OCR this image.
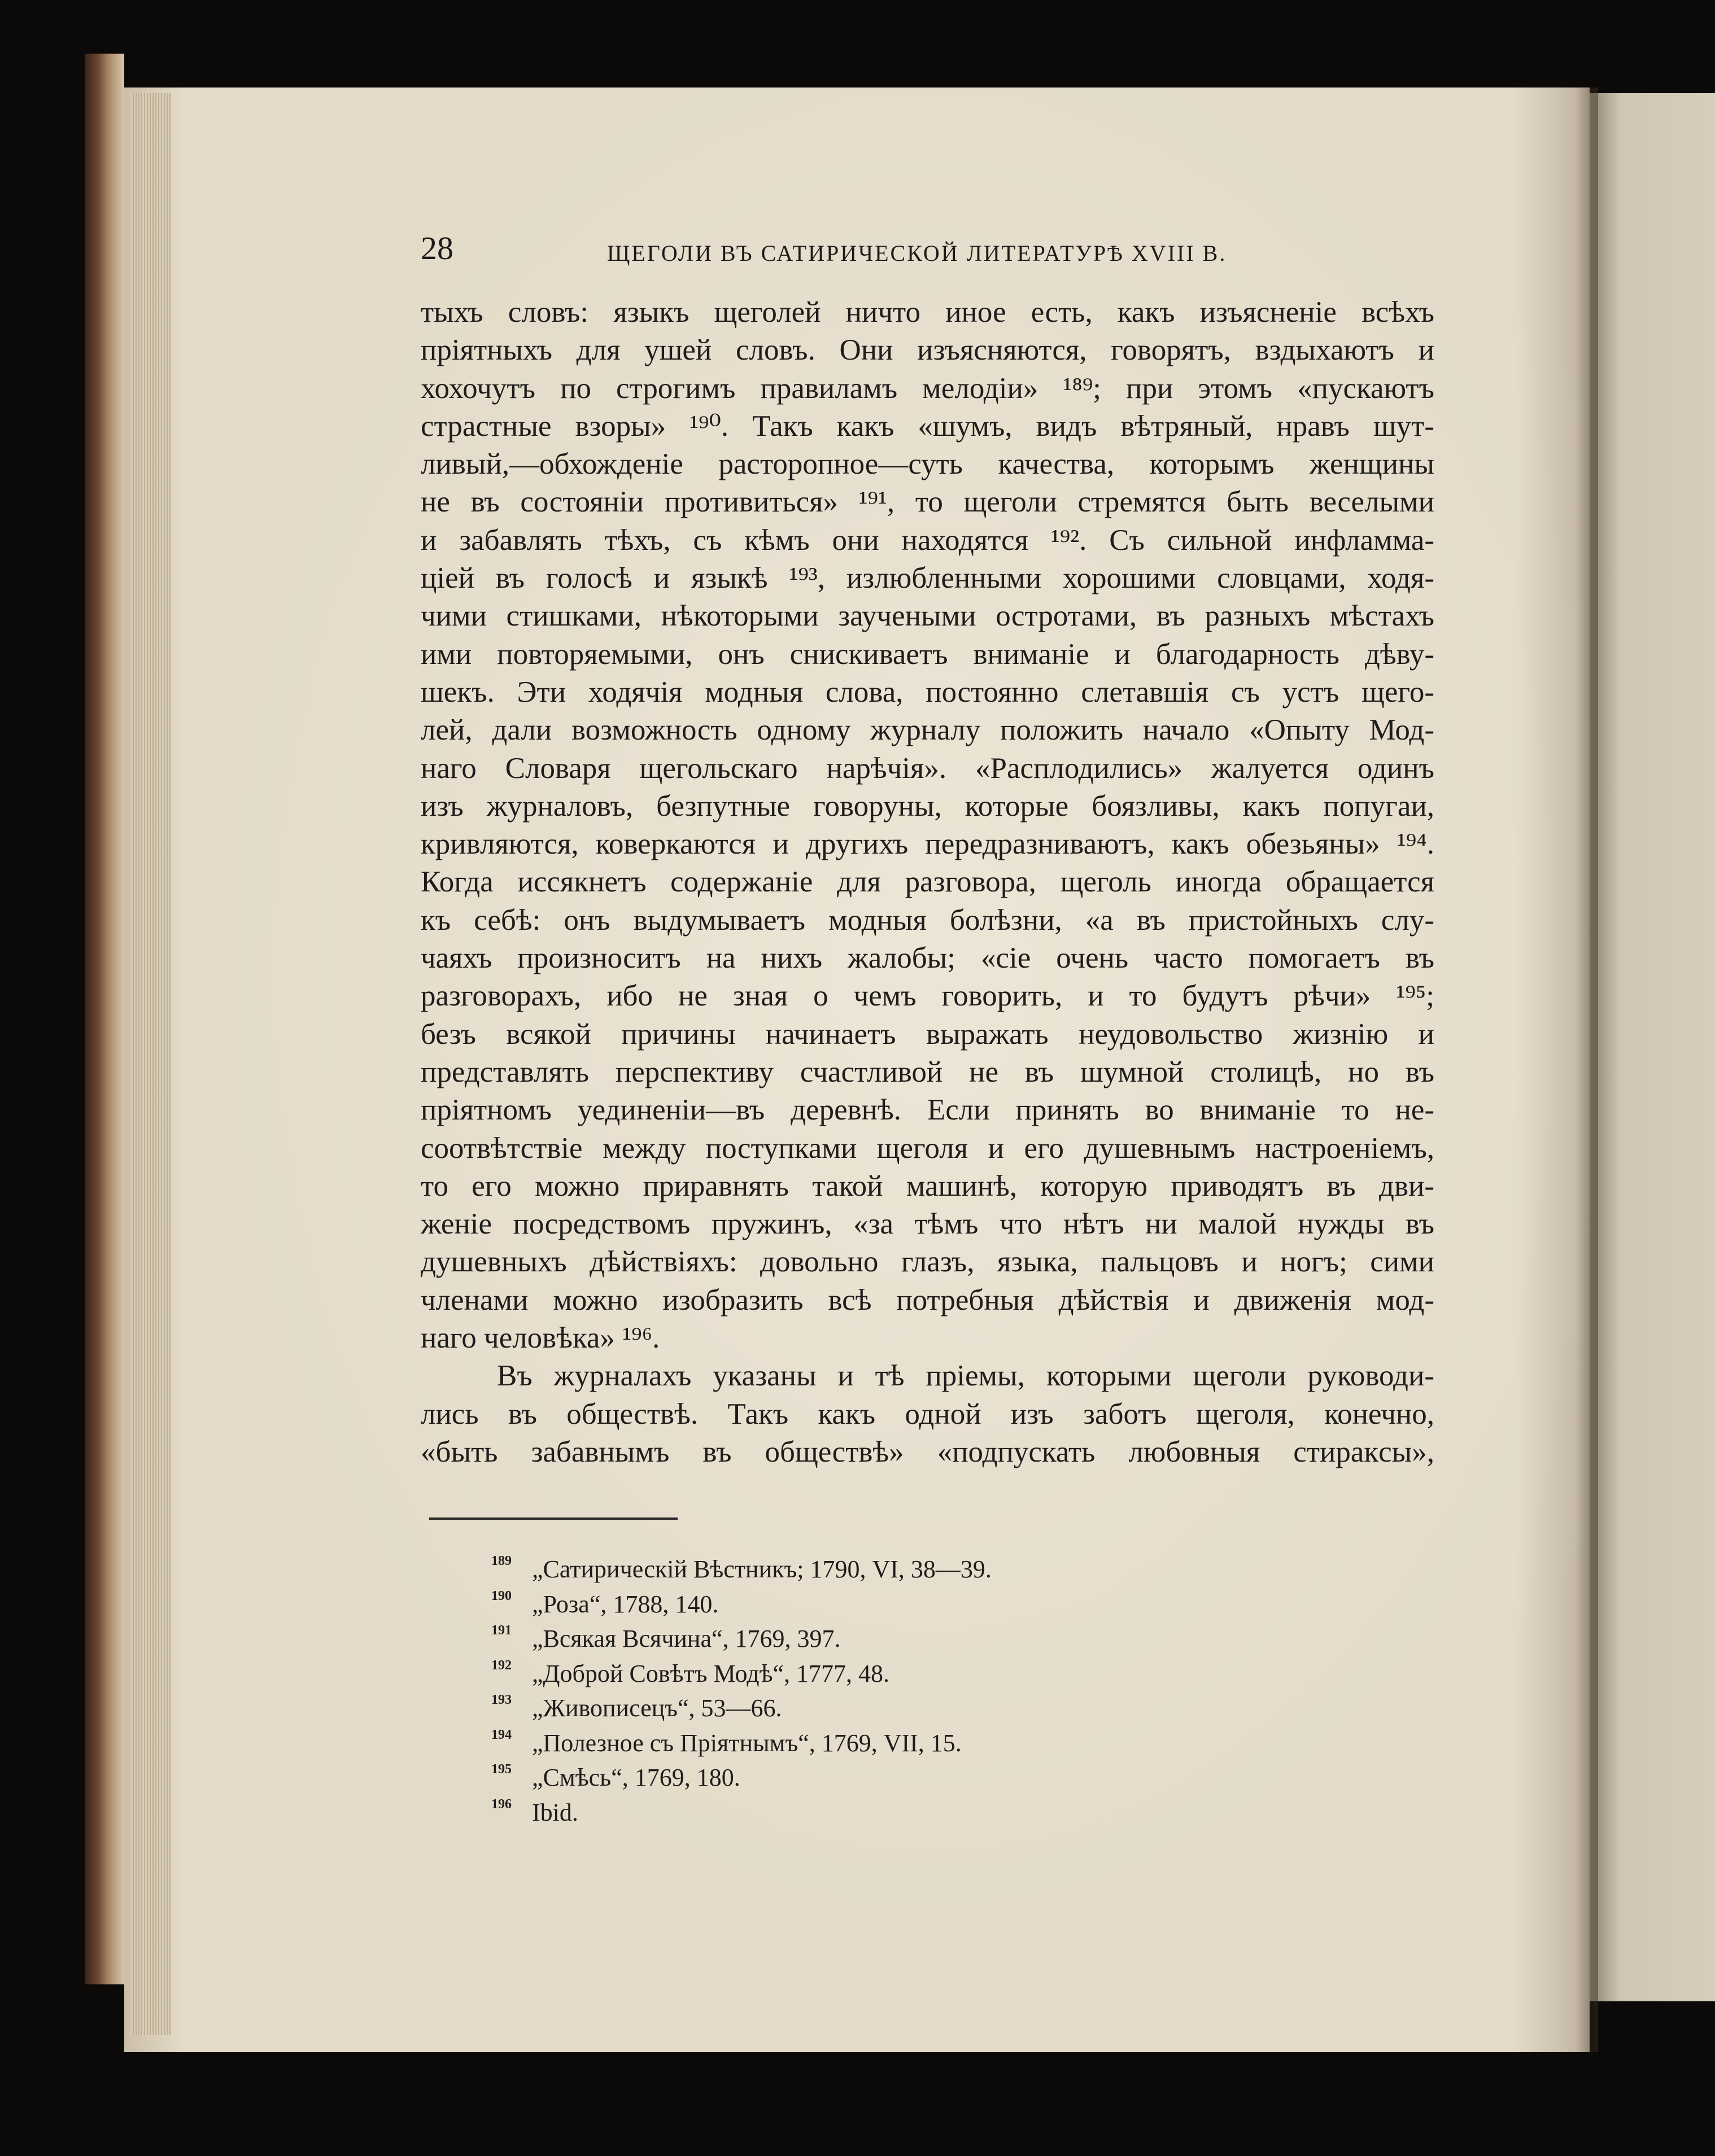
28	ЩЕГОЛИ ВЪ САТИРИЧЕСКОЙ ЛИТЕРАТУРѢ XVIII В.
тыхъ словъ: языкъ щеголей ничто иное есть, какъ изъясненіе всѣхъ
пріятныхъ для ушей словъ. Они изъясняются, говорятъ, вздыхаютъ и
хохочутъ по строгимъ правиламъ мелодіи» ¹⁸⁹; при этомъ «пускаютъ
страстные взоры» ¹⁹⁰. Такъ какъ «шумъ, видъ вѣтряный, нравъ шут-
ливый,—обхожденіе расторопное—суть качества, которымъ женщины
не въ состояніи противиться» ¹⁹¹, то щеголи стремятся быть веселыми
и забавлять тѣхъ, съ кѣмъ они находятся ¹⁹². Съ сильной инфламма-
ціей въ голосѣ и языкѣ ¹⁹³, излюбленными хорошими словцами, ходя-
чими стишками, нѣкоторыми заучеными остротами, въ разныхъ мѣстахъ
ими повторяемыми, онъ снискиваетъ вниманіе и благодарность дѣву-
шекъ. Эти ходячія модныя слова, постоянно слетавшія съ устъ щего-
лей, дали возможность одному журналу положить начало «Опыту Мод-
наго Словаря щегольскаго нарѣчія». «Расплодились» жалуется одинъ
изъ журналовъ, безпутные говоруны, которые боязливы, какъ попугаи,
кривляются, коверкаются и другихъ передразниваютъ, какъ обезьяны» ¹⁹⁴.
Когда иссякнетъ содержаніе для разговора, щеголь иногда обращается
къ себѣ: онъ выдумываетъ модныя болѣзни, «а въ пристойныхъ слу-
чаяхъ произноситъ на нихъ жалобы; «сіе очень часто помогаетъ въ
разговорахъ, ибо не зная о чемъ говорить, и то будутъ рѣчи» ¹⁹⁵;
безъ всякой причины начинаетъ выражать неудовольство жизнію и
представлять перспективу счастливой не въ шумной столицѣ, но въ
пріятномъ уединеніи—въ деревнѣ. Если принять во вниманіе то не-
соотвѣтствіе между поступками щеголя и его душевнымъ настроеніемъ,
то его можно приравнять такой машинѣ, которую приводятъ въ дви-
женіе посредствомъ пружинъ, «за тѣмъ что нѣтъ ни малой нужды въ
душевныхъ дѣйствіяхъ: довольно глазъ, языка, пальцовъ и ногъ; сими
членами можно изобразить всѣ потребныя дѣйствія и движенія мод-
наго человѣка» ¹⁹⁶.
Въ журналахъ указаны и тѣ пріемы, которыми щеголи руководи-
лись въ обществѣ. Такъ какъ одной изъ заботъ щеголя, конечно,
«быть забавнымъ въ обществѣ» «подпускать любовныя стиракcы»,
189 „Сатирическій Вѣстникъ; 1790, VI, 38—39.
190 „Роза“, 1788, 140.
191 „Всякая Всячина“, 1769, 397.
192 „Доброй Совѣтъ Модѣ“, 1777, 48.
193 „Живописецъ“, 53—66.
194 „Полезное съ Пріятнымъ“, 1769, VII, 15.
195 „Смѣсь“, 1769, 180.
196 Ibid.
